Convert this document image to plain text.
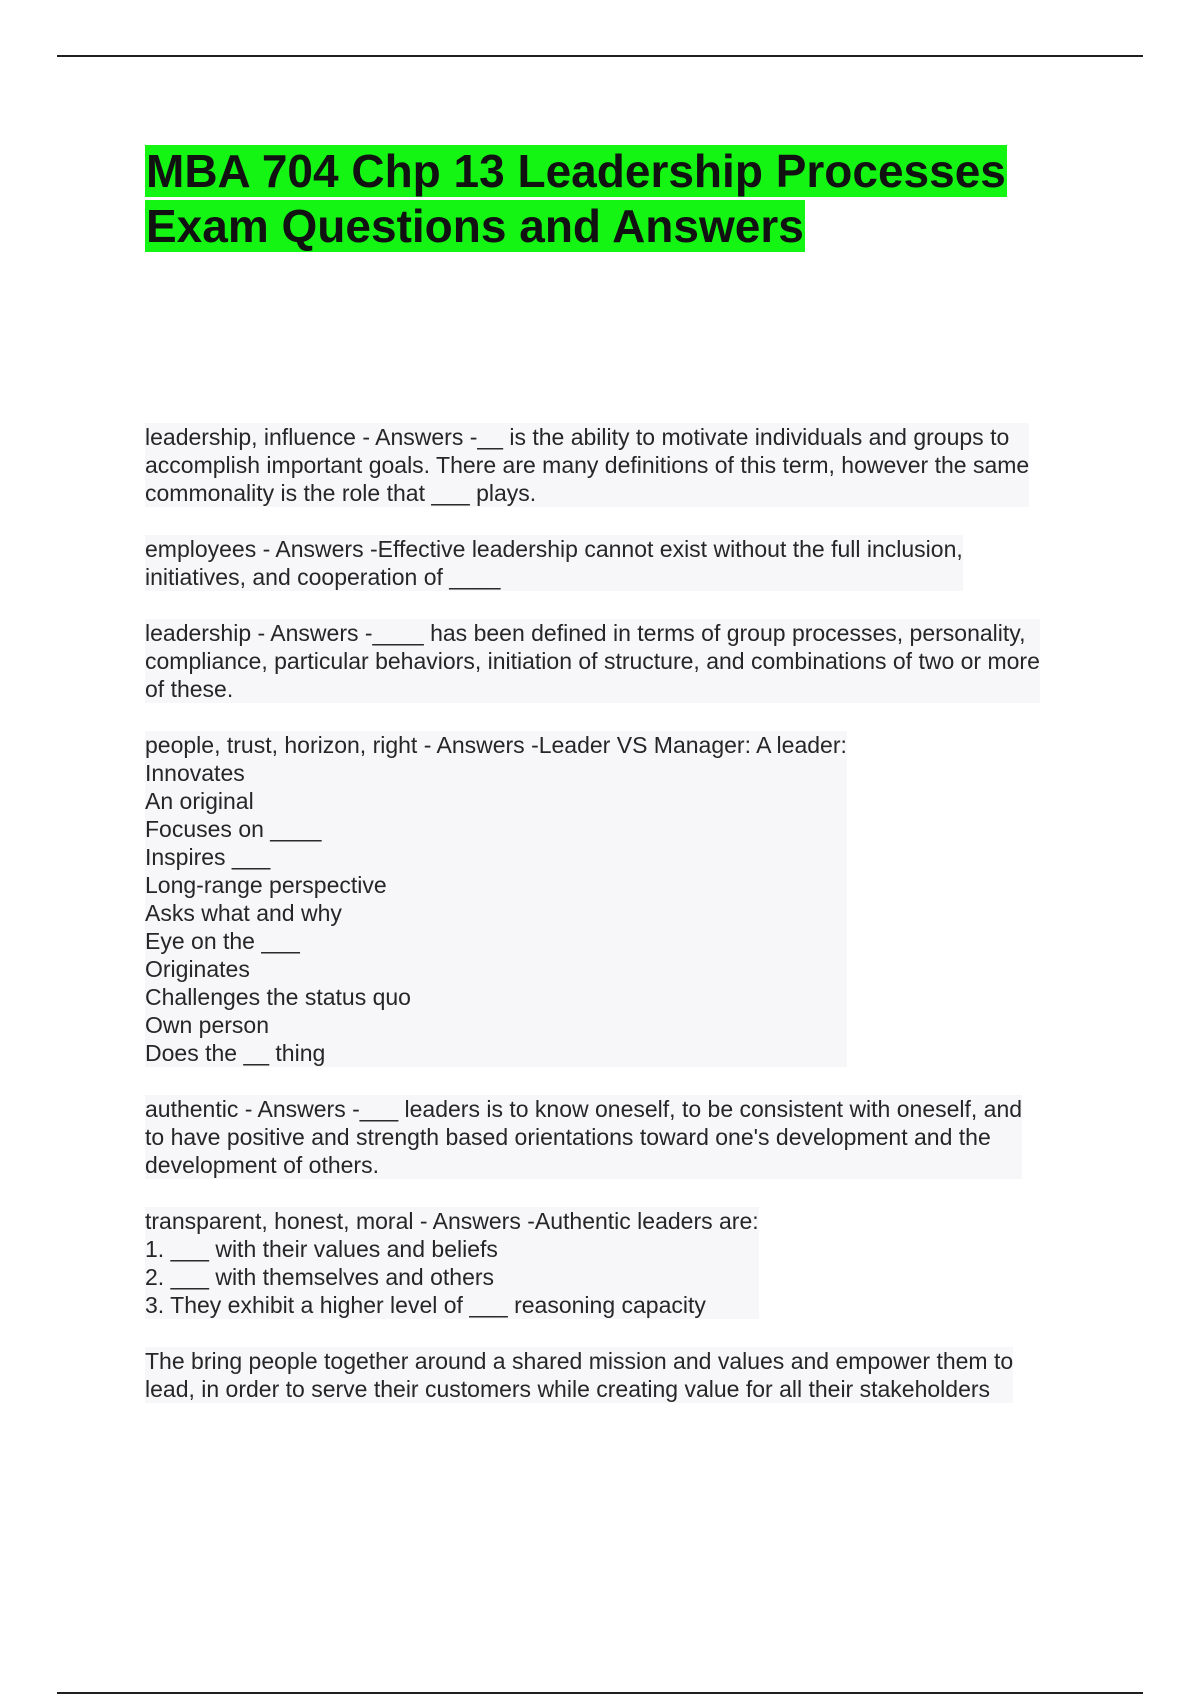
MBA 704 Chp 13 Leadership Processes
Exam Questions and Answers
leadership, influence - Answers -__ is the ability to motivate individuals and groups to
accomplish important goals. There are many definitions of this term, however the same
commonality is the role that ___ plays.
employees - Answers -Effective leadership cannot exist without the full inclusion,
initiatives, and cooperation of ____
leadership - Answers -____ has been defined in terms of group processes, personality,
compliance, particular behaviors, initiation of structure, and combinations of two or more
of these.
people, trust, horizon, right - Answers -Leader VS Manager: A leader:
Innovates
An original
Focuses on ____
Inspires ___
Long-range perspective
Asks what and why
Eye on the ___
Originates
Challenges the status quo
Own person
Does the __ thing
authentic - Answers -___ leaders is to know oneself, to be consistent with oneself, and
to have positive and strength based orientations toward one's development and the
development of others.
transparent, honest, moral - Answers -Authentic leaders are:
1. ___ with their values and beliefs
2. ___ with themselves and others
3. They exhibit a higher level of ___ reasoning capacity
The bring people together around a shared mission and values and empower them to
lead, in order to serve their customers while creating value for all their stakeholders
